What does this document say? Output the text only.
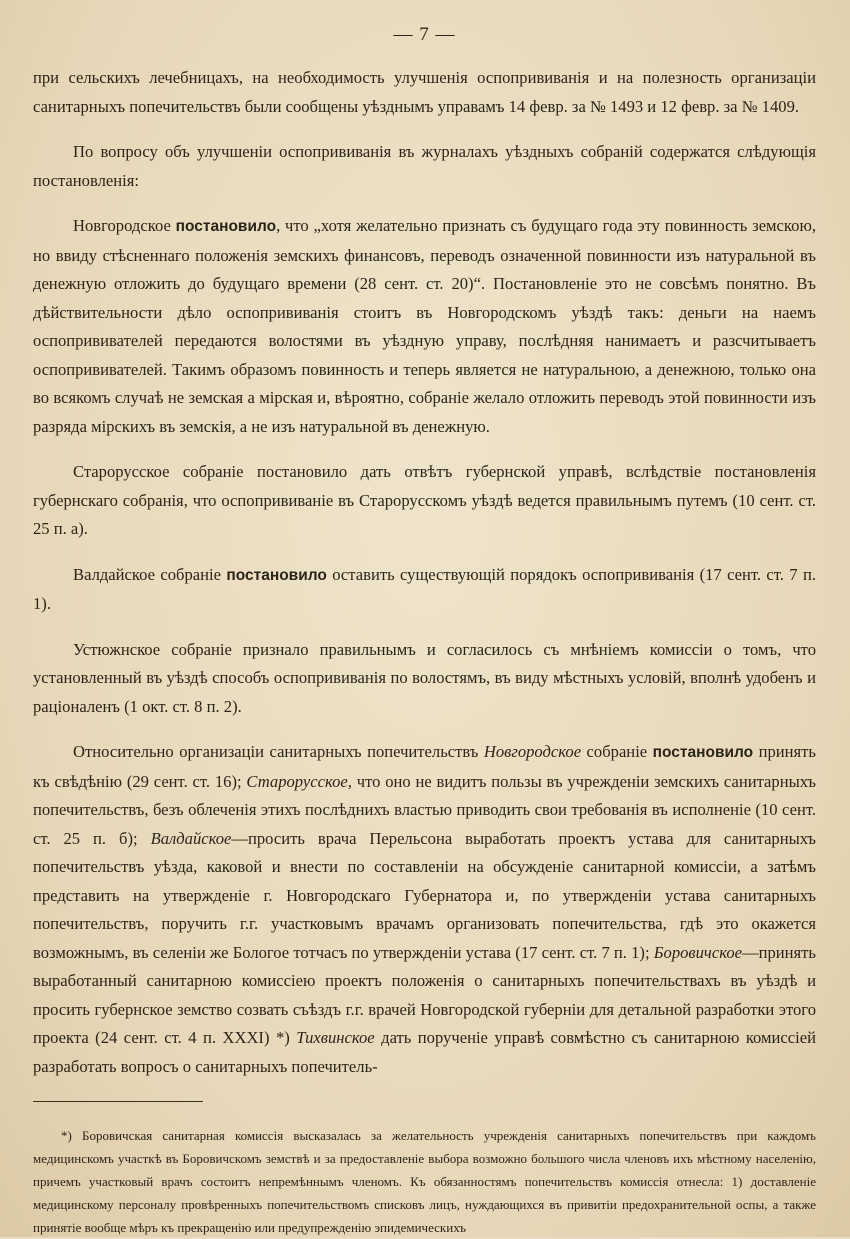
— 7 —

при сельскихъ лечебницахъ, на необходимость улучшенія оспопрививанія и на полезность организаціи санитарныхъ попечительствъ были сообщены уѣзднымъ управамъ 14 февр. за № 1493 и 12 февр. за № 1409.

По вопросу объ улучшеніи оспопрививанія въ журналахъ уѣздныхъ собраній содержатся слѣдующія постановленія:

Новгородское постановило, что „хотя желательно признать съ будущаго года эту повинность земскою, но ввиду стѣсненнаго положенія земскихъ финансовъ, переводъ означенной повинности изъ натуральной въ денежную отложить до будущаго времени (28 сент. ст. 20)“. Постановленіе это не совсѣмъ понятно. Въ дѣйствительности дѣло оспопрививанія стоитъ въ Новгородскомъ уѣздѣ такъ: деньги на наемъ оспопрививателей передаются волостями въ уѣздную управу, послѣдняя нанимаетъ и разсчитываетъ оспопрививателей. Такимъ образомъ повинность и теперь является не натуральною, а денежною, только она во всякомъ случаѣ не земская а мірская и, вѣроятно, собраніе желало отложить переводъ этой повинности изъ разряда мірскихъ въ земскія, а не изъ натуральной въ денежную.

Старорусское собраніе постановило дать отвѣтъ губернской управѣ, вслѣдствіе постановленія губернскаго собранія, что оспопрививаніе въ Старорусскомъ уѣздѣ ведется правильнымъ путемъ (10 сент. ст. 25 п. а).

Валдайское собраніе постановило оставить существующій порядокъ оспопрививанія (17 сент. ст. 7 п. 1).

Устюжнское собраніе признало правильнымъ и согласилось съ мнѣніемъ комиссіи о томъ, что установленный въ уѣздѣ способъ оспопрививанія по волостямъ, въ виду мѣстныхъ условій, вполнѣ удобенъ и раціоналенъ (1 окт. ст. 8 п. 2).

Относительно организаціи санитарныхъ попечительствъ Новгородское собраніе постановило принять къ свѣдѣнію (29 сент. ст. 16); Старорусское, что оно не видитъ пользы въ учрежденіи земскихъ санитарныхъ попечительствъ, безъ облеченія этихъ послѣднихъ властью приводить свои требованія въ исполненіе (10 сент. ст. 25 п. б); Валдайское—просить врача Перельсона выработать проектъ устава для санитарныхъ попечительствъ уѣзда, каковой и внести по составленіи на обсужденіе санитарной комиссіи, а затѣмъ представить на утвержденіе г. Новгородскаго Губернатора и, по утвержденіи устава санитарныхъ попечительствъ, поручить г.г. участковымъ врачамъ организовать попечительства, гдѣ это окажется возможнымъ, въ селеніи же Бологое тотчасъ по утвержденіи устава (17 сент. ст. 7 п. 1); Боровичское—принять выработанный санитарною комиссіею проектъ положенія о санитарныхъ попечительствахъ въ уѣздѣ и просить губернское земство созвать съѣздъ г.г. врачей Новгородской губерніи для детальной разработки этого проекта (24 сент. ст. 4 п. XXXI) *) Тихвинское дать порученіе управѣ совмѣстно съ санитарною комиссіей разработать вопросъ о санитарныхъ попечитель-

*) Боровичская санитарная комиссія высказалась за желательность учрежденія санитарныхъ попечительствъ при каждомъ медицинскомъ участкѣ въ Боровичскомъ земствѣ и за предоставленіе выбора возможно большого числа членовъ ихъ мѣстному населенію, причемъ участковый врачъ состоитъ непремѣннымъ членомъ. Къ обязанностямъ попечительствъ комиссія отнесла: 1) доставленіе медицинскому персоналу провѣренныхъ попечительствомъ списковъ лицъ, нуждающихся въ привитіи предохранительной оспы, а также принятіе вообще мѣръ къ прекращенію или предупрежденію эпидемическихъ
